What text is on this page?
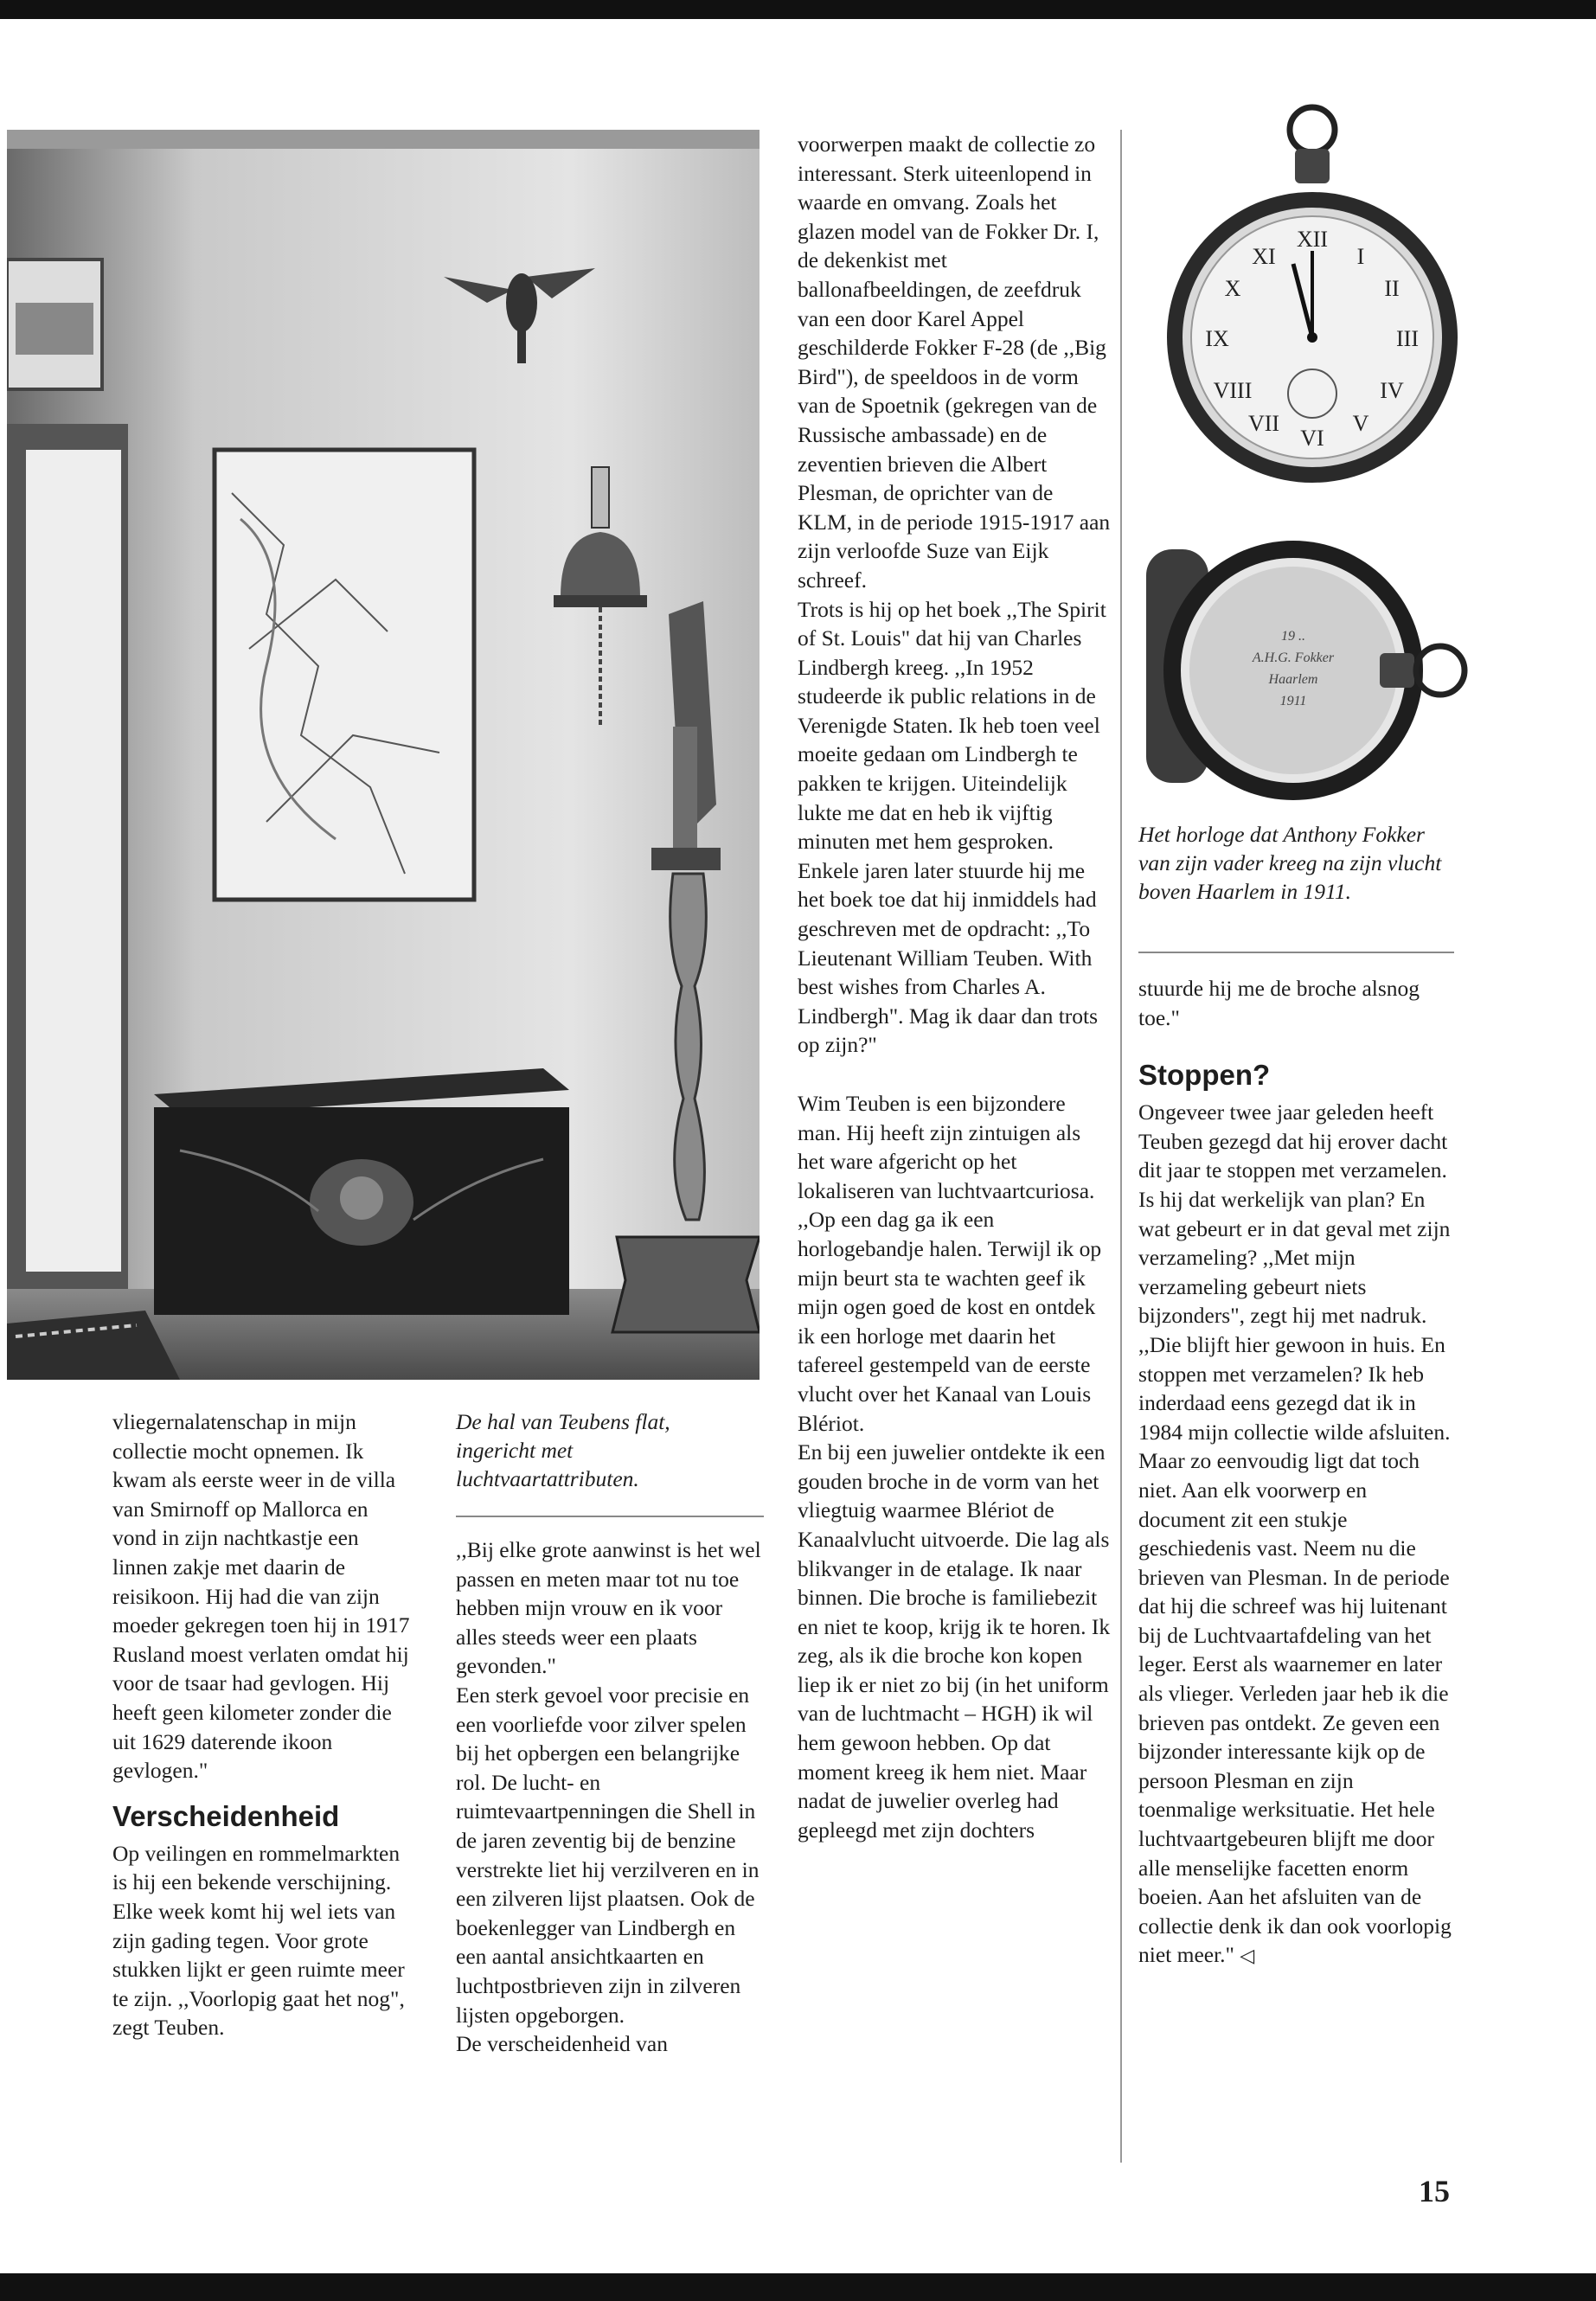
vliegernalatenschap in mijn collectie mocht opnemen. Ik kwam als eerste weer in de villa van Smirnoff op Mallorca en vond in zijn nachtkastje een linnen zakje met daarin de reisikoon. Hij had die van zijn moeder gekregen toen hij in 1917 Rusland moest verlaten omdat hij voor de tsaar had gevlogen. Hij heeft geen kilometer zonder die uit 1629 daterende ikoon gevlogen."

Verscheidenheid

Op veilingen en rommelmarkten is hij een bekende verschijning. Elke week komt hij wel iets van zijn gading tegen. Voor grote stukken lijkt er geen ruimte meer te zijn. ,,Voorlopig gaat het nog", zegt Teuben.

De hal van Teubens flat, ingericht met luchtvaartattributen.

,,Bij elke grote aanwinst is het wel passen en meten maar tot nu toe hebben mijn vrouw en ik voor alles steeds weer een plaats gevonden."

Een sterk gevoel voor precisie en een voorliefde voor zilver spelen bij het opbergen een belangrijke rol. De lucht- en ruimtevaartpenningen die Shell in de jaren zeventig bij de benzine verstrekte liet hij verzilveren en in een zilveren lijst plaatsen. Ook de boekenlegger van Lindbergh en een aantal ansichtkaarten en luchtpostbrieven zijn in zilveren lijsten opgeborgen.

De verscheidenheid van

voorwerpen maakt de collectie zo interessant. Sterk uiteenlopend in waarde en omvang. Zoals het glazen model van de Fokker Dr. I, de dekenkist met ballonafbeeldingen, de zeefdruk van een door Karel Appel geschilderde Fokker F-28 (de ,,Big Bird"), de speeldoos in de vorm van de Spoetnik (gekregen van de Russische ambassade) en de zeventien brieven die Albert Plesman, de oprichter van de KLM, in de periode 1915-1917 aan zijn verloofde Suze van Eijk schreef.

Trots is hij op het boek ,,The Spirit of St. Louis" dat hij van Charles Lindbergh kreeg. ,,In 1952 studeerde ik public relations in de Verenigde Staten. Ik heb toen veel moeite gedaan om Lindbergh te pakken te krijgen. Uiteindelijk lukte me dat en heb ik vijftig minuten met hem gesproken. Enkele jaren later stuurde hij me het boek toe dat hij inmiddels had geschreven met de opdracht: ,,To Lieutenant William Teuben. With best wishes from Charles A. Lindbergh". Mag ik daar dan trots op zijn?"

Wim Teuben is een bijzondere man. Hij heeft zijn zintuigen als het ware afgericht op het lokaliseren van luchtvaartcuriosa. ,,Op een dag ga ik een horlogebandje halen. Terwijl ik op mijn beurt sta te wachten geef ik mijn ogen goed de kost en ontdek ik een horloge met daarin het tafereel gestempeld van de eerste vlucht over het Kanaal van Louis Blériot.

En bij een juwelier ontdekte ik een gouden broche in de vorm van het vliegtuig waarmee Blériot de Kanaalvlucht uitvoerde. Die lag als blikvanger in de etalage. Ik naar binnen. Die broche is familiebezit en niet te koop, krijg ik te horen. Ik zeg, als ik die broche kon kopen liep ik er niet zo bij (in het uniform van de luchtmacht – HGH) ik wil hem gewoon hebben. Op dat moment kreeg ik hem niet. Maar nadat de juwelier overleg had gepleegd met zijn dochters

XII
VI
IX	III
I
II
IV
V
VII
VIII
X
XI
19 ..
A.H.G. Fokker
Haarlem
1911
Het horloge dat Anthony Fokker van zijn vader kreeg na zijn vlucht boven Haarlem in 1911.

stuurde hij me de broche alsnog toe."

Stoppen?

Ongeveer twee jaar geleden heeft Teuben gezegd dat hij erover dacht dit jaar te stoppen met verzamelen. Is hij dat werkelijk van plan? En wat gebeurt er in dat geval met zijn verzameling? ,,Met mijn verzameling gebeurt niets bijzonders", zegt hij met nadruk. ,,Die blijft hier gewoon in huis. En stoppen met verzamelen? Ik heb inderdaad eens gezegd dat ik in 1984 mijn collectie wilde afsluiten. Maar zo eenvoudig ligt dat toch niet. Aan elk voorwerp en document zit een stukje geschiedenis vast. Neem nu die brieven van Plesman. In de periode dat hij die schreef was hij luitenant bij de Luchtvaartafdeling van het leger. Eerst als waarnemer en later als vlieger. Verleden jaar heb ik die brieven pas ontdekt. Ze geven een bijzonder interessante kijk op de persoon Plesman en zijn toenmalige werksituatie. Het hele luchtvaartgebeuren blijft me door alle menselijke facetten enorm boeien. Aan het afsluiten van de collectie denk ik dan ook voorlopig niet meer." ◁

15
